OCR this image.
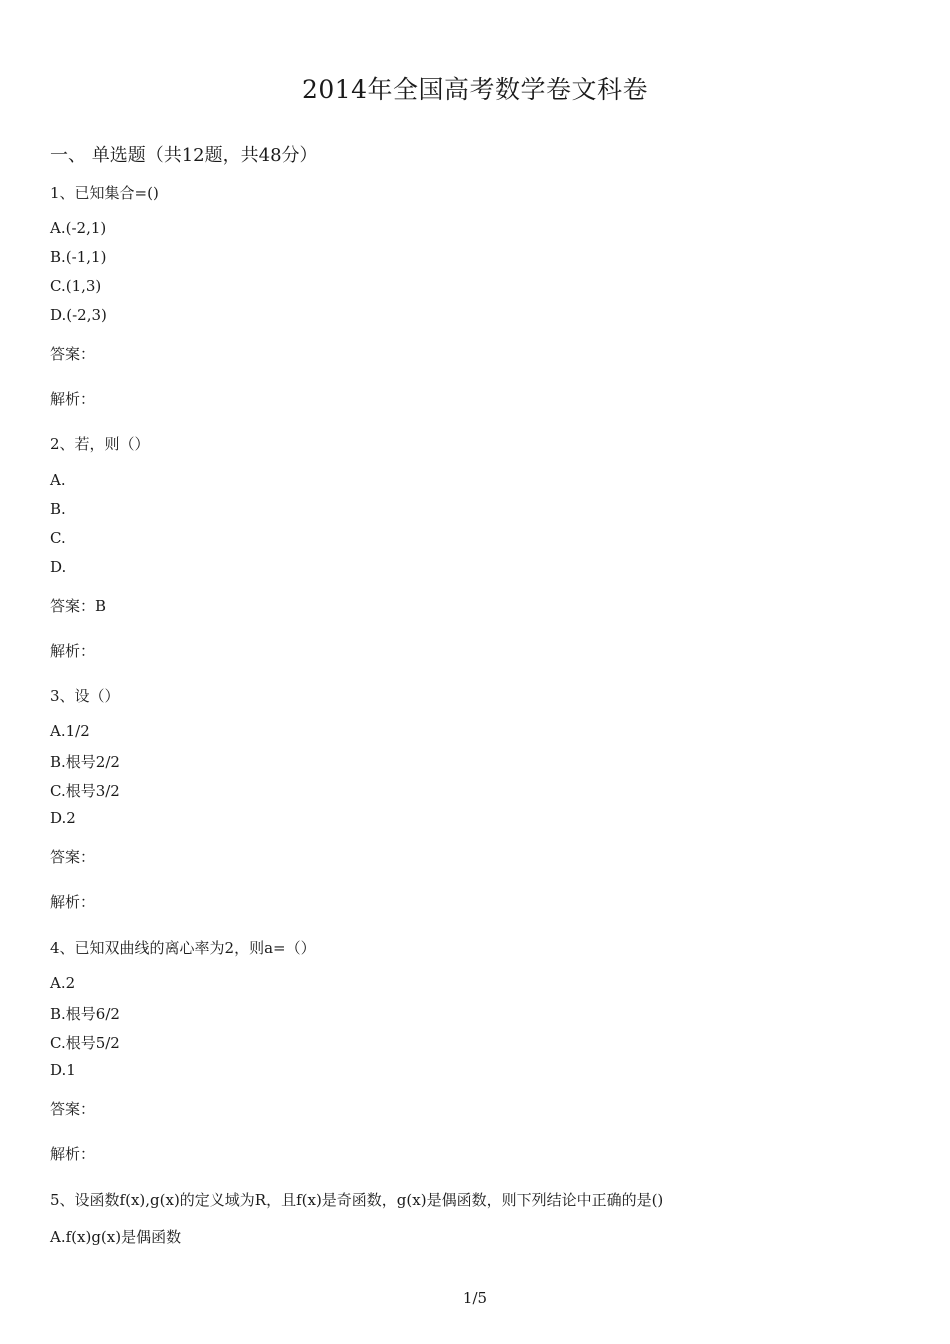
2014年全国高考数学卷文科卷
一、 单选题（共12题，共48分）
1、已知集合=()
A.(-2,1)
B.(-1,1)
C.(1,3)
D.(-2,3)
答案：
解析：
2、若，则（）
A.
B.
C.
D.
答案：B
解析：
3、设（）
A.1/2
B.根号2/2
C.根号3/2
D.2
答案：
解析：
4、已知双曲线的离心率为2，则a=（）
A.2
B.根号6/2
C.根号5/2
D.1
答案：
解析：
5、设函数f(x),g(x)的定义域为R，且f(x)是奇函数，g(x)是偶函数，则下列结论中正确的是()
A.f(x)g(x)是偶函数
1/5
